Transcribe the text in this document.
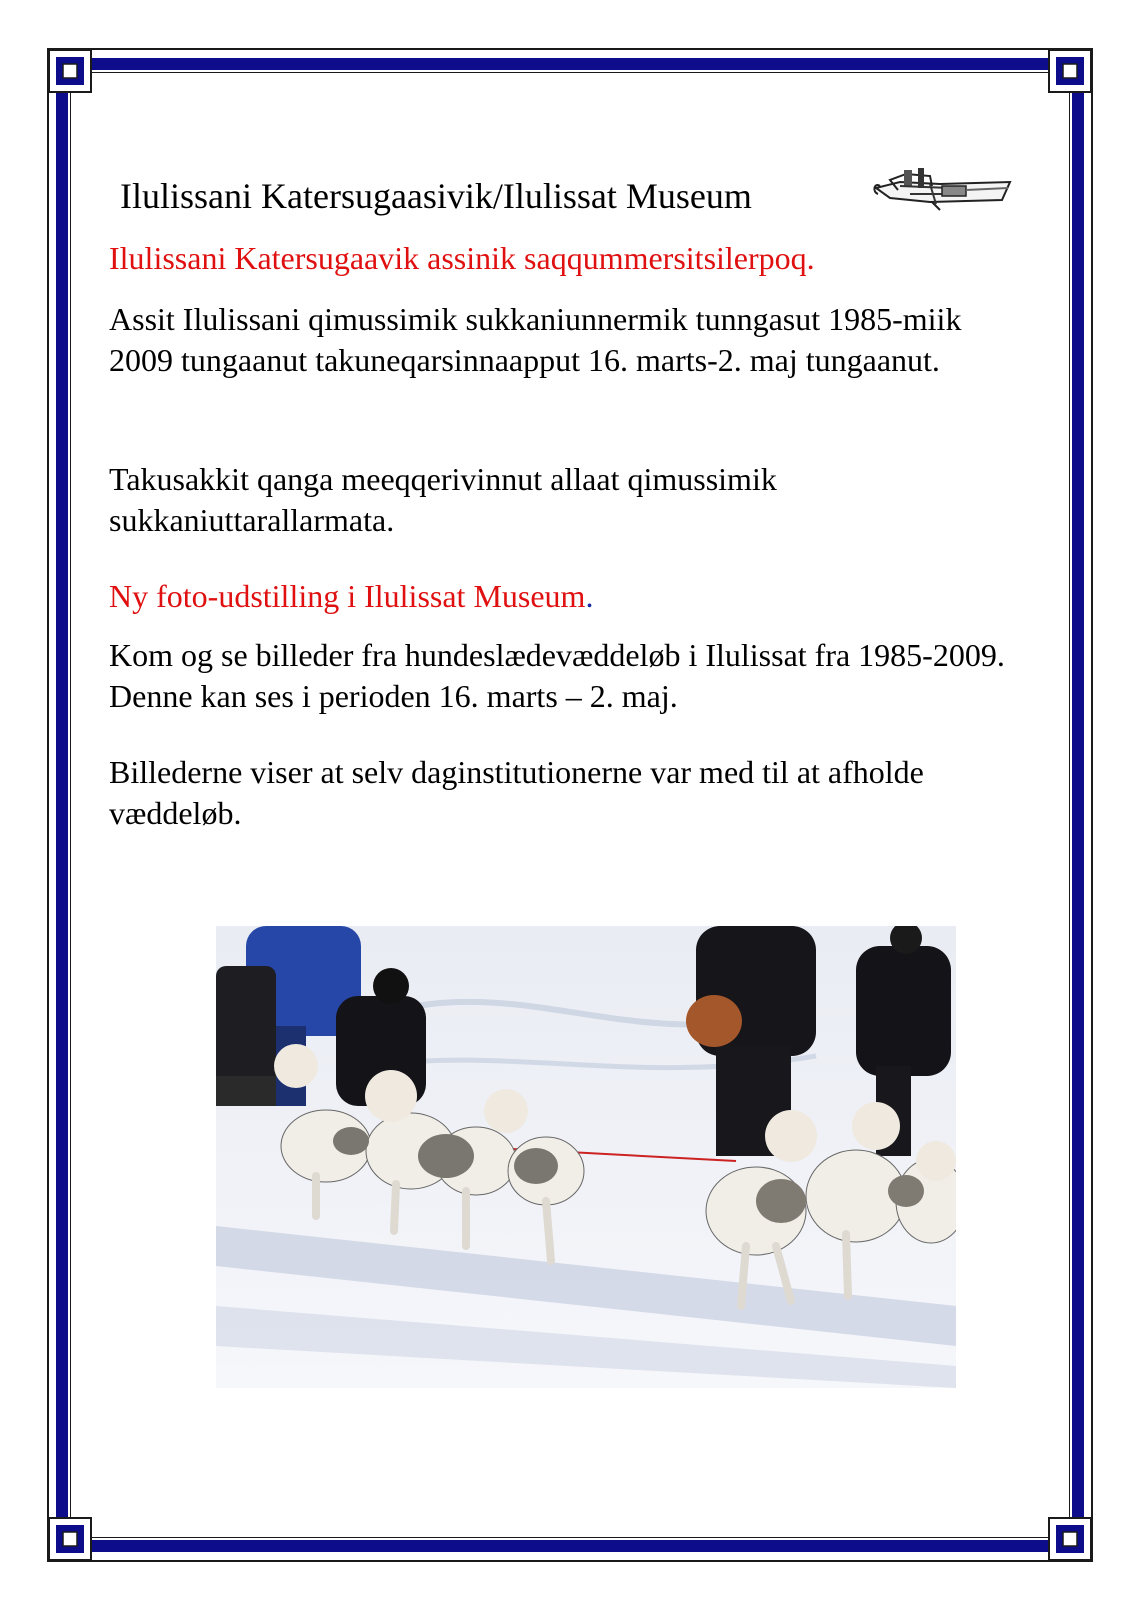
Ilulissani Katersugaasivik/Ilulissat Museum

Ilulissani Katersugaavik assinik saqqummersitsilerpoq.

Assit Ilulissani qimussimik sukkaniunnermik tunngasut 1985-miik 2009 tungaanut takuneqarsinnaapput 16. marts-2. maj tungaanut.

Takusakkit qanga meeqqerivinnut allaat qimussimik sukkaniuttarallarmata.

Ny foto-udstilling i Ilulissat Museum.

Kom og se billeder fra hundeslædevæddeløb i Ilulissat fra 1985-2009. Denne kan ses i perioden 16. marts – 2. maj.

Billederne viser at selv daginstitutionerne var med til at afholde væddeløb.
